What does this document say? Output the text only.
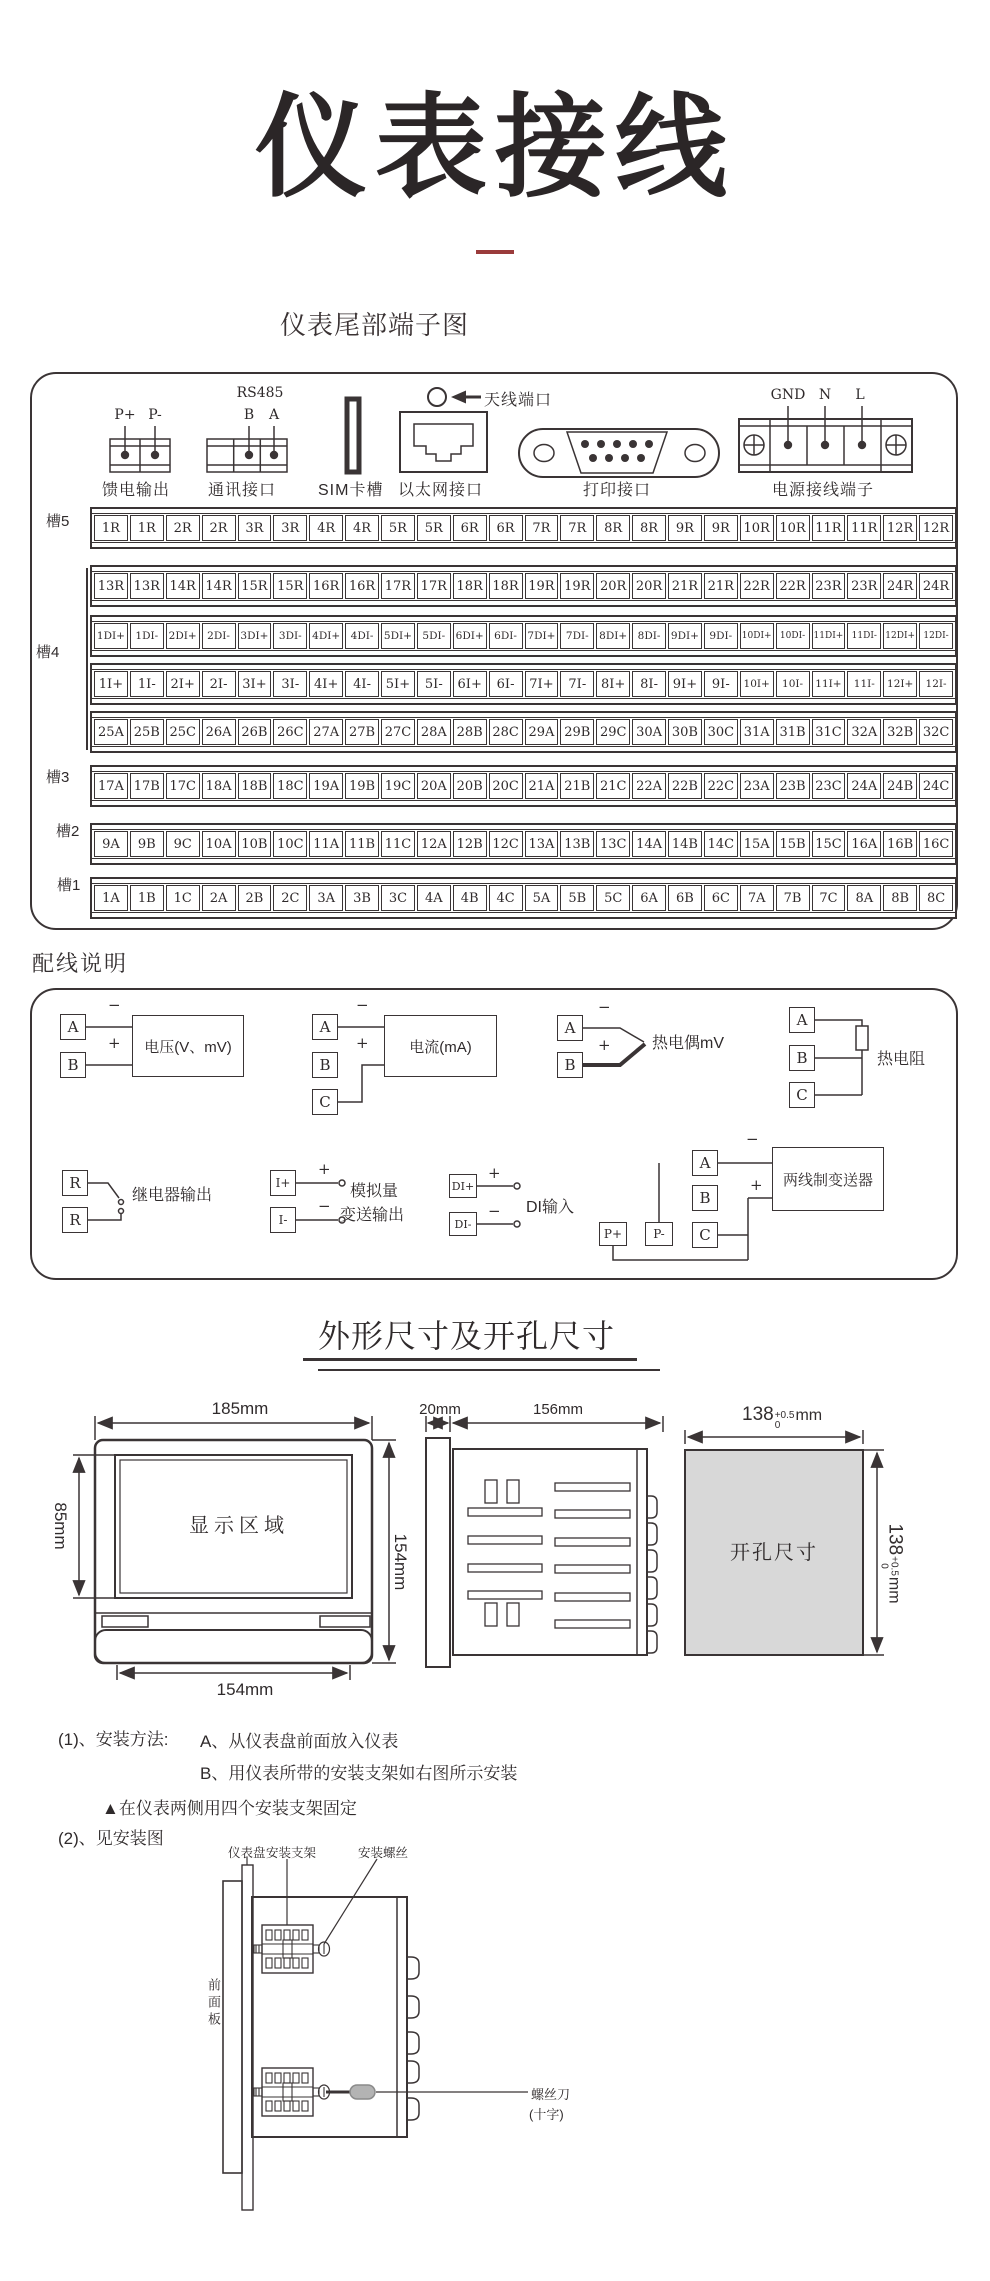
仪表接线
仪表尾部端子图
P+ P-
RS485
B	A
天线端口	GND N	L
馈电输出 通讯接口	SIM卡槽 以太网接口	打印接口	电源接线端子
槽5
槽4
槽3
槽2
槽1
1R	1R	2R	2R	3R	3R	4R	4R	5R	5R	6R	6R	7R	7R	8R	8R	9R	9R	10R 10R 11R 11R 12R 12R
13R 13R 14R 14R 15R 15R 16R 16R 17R 17R 18R 18R 19R 19R 20R 20R 21R 21R 22R 22R 23R 23R 24R 24R
1DI+ 1DI- 2DI+ 2DI- 3DI+ 3DI- 4DI+ 4DI- 5DI+ 5DI- 6DI+ 6DI- 7DI+ 7DI- 8DI+ 8DI- 9DI+ 9DI-	10DI+ 10DI- 11DI+ 11DI- 12DI+ 12DI-
1I+	1I-	2I+	2I-	3I+	3I-	4I+	4I-	5I+	5I-	6I+	6I-	7I+	7I-	8I+	8I-	9I+	9I-	10I+	10I-	11I+	11I-	12I+	12I-
25A 25B 25C 26A 26B 26C 27A 27B 27C 28A 28B 28C 29A 29B 29C 30A 30B 30C 31A 31B 31C 32A 32B 32C
17A 17B 17C 18A 18B 18C 19A 19B 19C 20A 20B 20C 21A 21B 21C 22A 22B 22C 23A 23B 23C 24A 24B 24C
9A	9B	9C	10A 10B 10C 11A 11B 11C 12A 12B 12C 13A 13B 13C 14A 14B 14C 15A 15B 15C 16A 16B 16C
1A	1B	1C	2A	2B	2C	3A	3B	3C	4A	4B	4C	5A	5B	5C	6A	6B	6C	7A	7B	7C	8A	8B	8C
配线说明
A
B
电压(V、mV)
−
+
A
B
C
电流(mA)
−
+
A
B
−
+	热电偶mV
A
B
C
热电阻
R
R
继电器输出
I+
I-
+
−
模拟量
变送输出
DI+
DI-
+
− DI输入
A
B
C
P+	P-
两线制变送器
−
+
外形尺寸及开孔尺寸
185mm
85mm
154mm
154mm
20mm	156mm
显示区域
开孔尺寸
138 +0.5
0
mm
138
+0.5
0
mm
(1)、安装方法: A、从仪表盘前面放入仪表
B、用仪表所带的安装支架如右图所示安装
▲在仪表两侧用四个安装支架固定
(2)、见安装图
仪表盘 安装支架	安装螺丝
前面板
螺丝刀
(十字)
